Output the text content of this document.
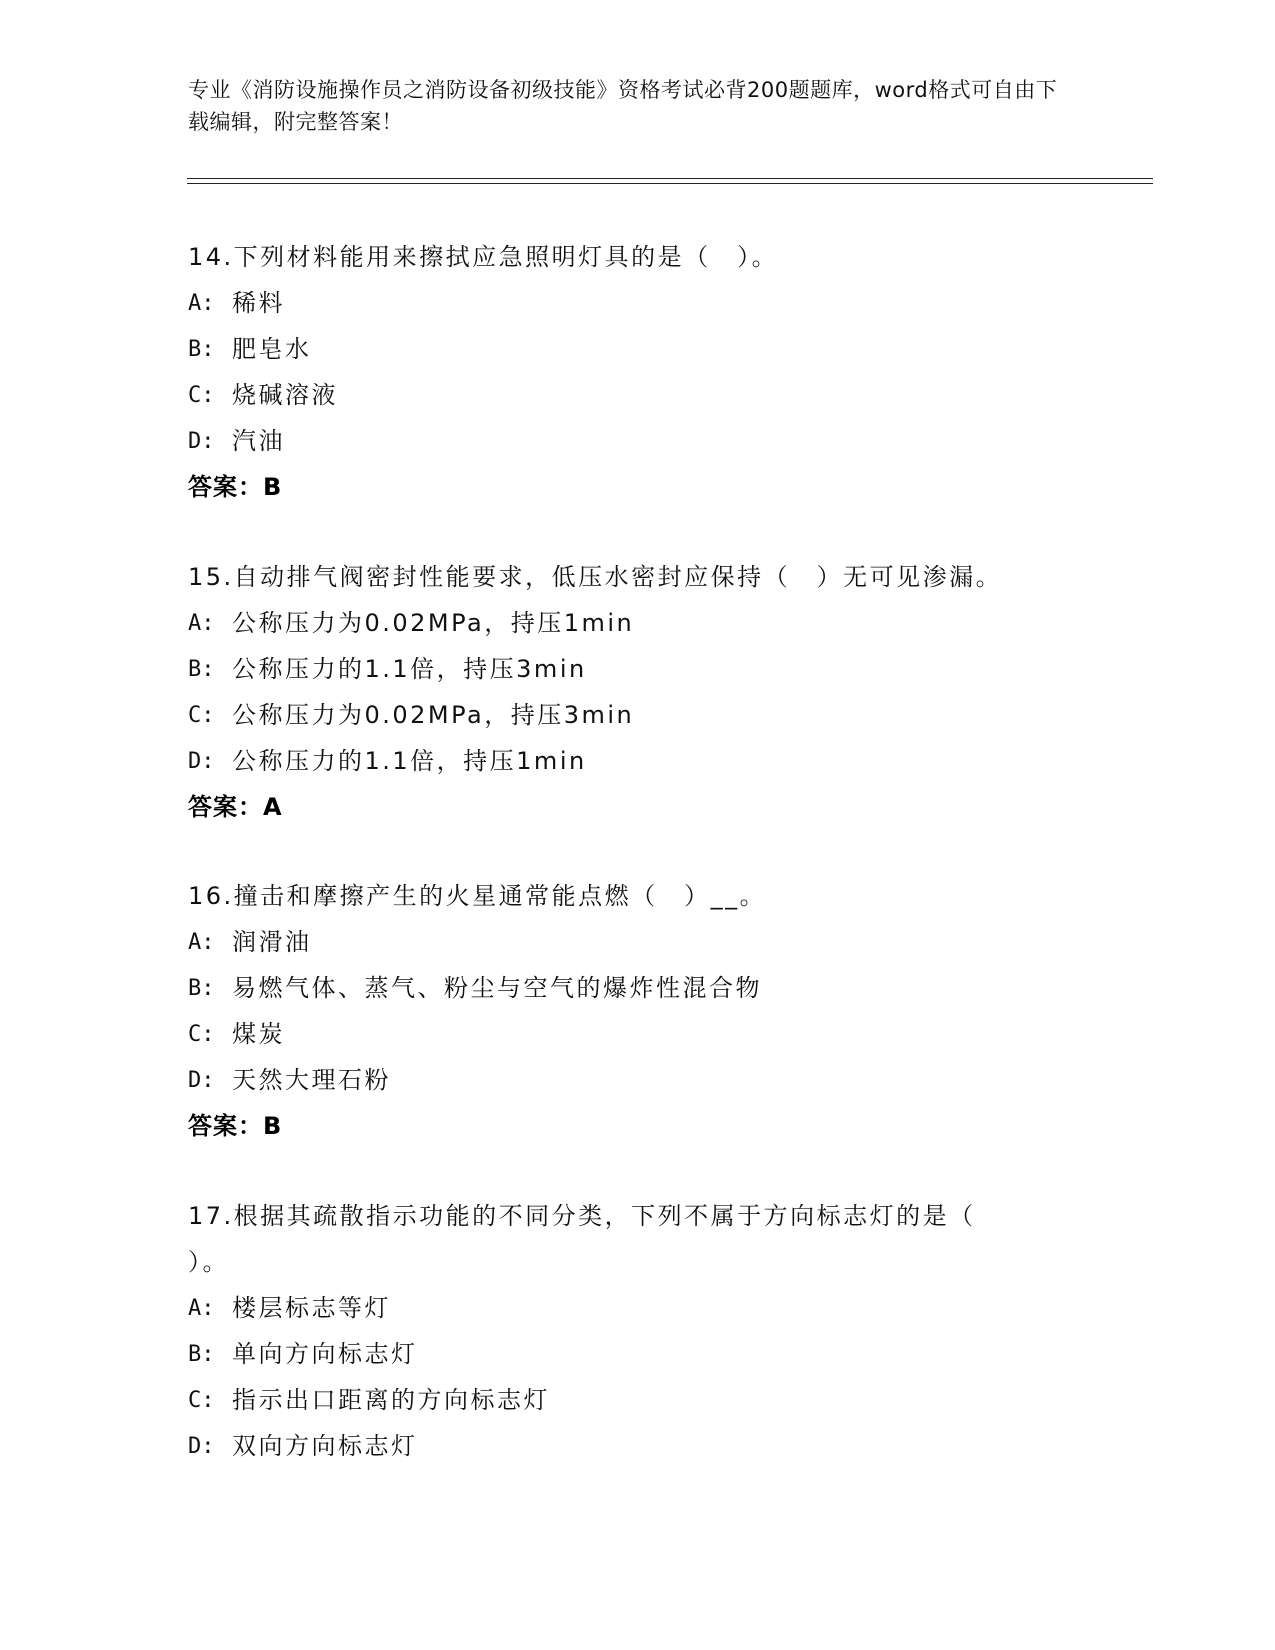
专业《消防设施操作员之消防设备初级技能》资格考试必背200题题库，word格式可自由下载编辑，附完整答案！
14.下列材料能用来擦拭应急照明灯具的是（　）。
A: 稀料
B: 肥皂水
C: 烧碱溶液
D: 汽油
答案：B
15.自动排气阀密封性能要求，低压水密封应保持（　）无可见渗漏。
A: 公称压力为0.02MPa，持压1min
B: 公称压力的1.1倍，持压3min
C: 公称压力为0.02MPa，持压3min
D: 公称压力的1.1倍，持压1min
答案：A
16.撞击和摩擦产生的火星通常能点燃（　）__。
A: 润滑油
B: 易燃气体、蒸气、粉尘与空气的爆炸性混合物
C: 煤炭
D: 天然大理石粉
答案：B
17.根据其疏散指示功能的不同分类，下列不属于方向标志灯的是（
）。
A: 楼层标志等灯
B: 单向方向标志灯
C: 指示出口距离的方向标志灯
D: 双向方向标志灯
